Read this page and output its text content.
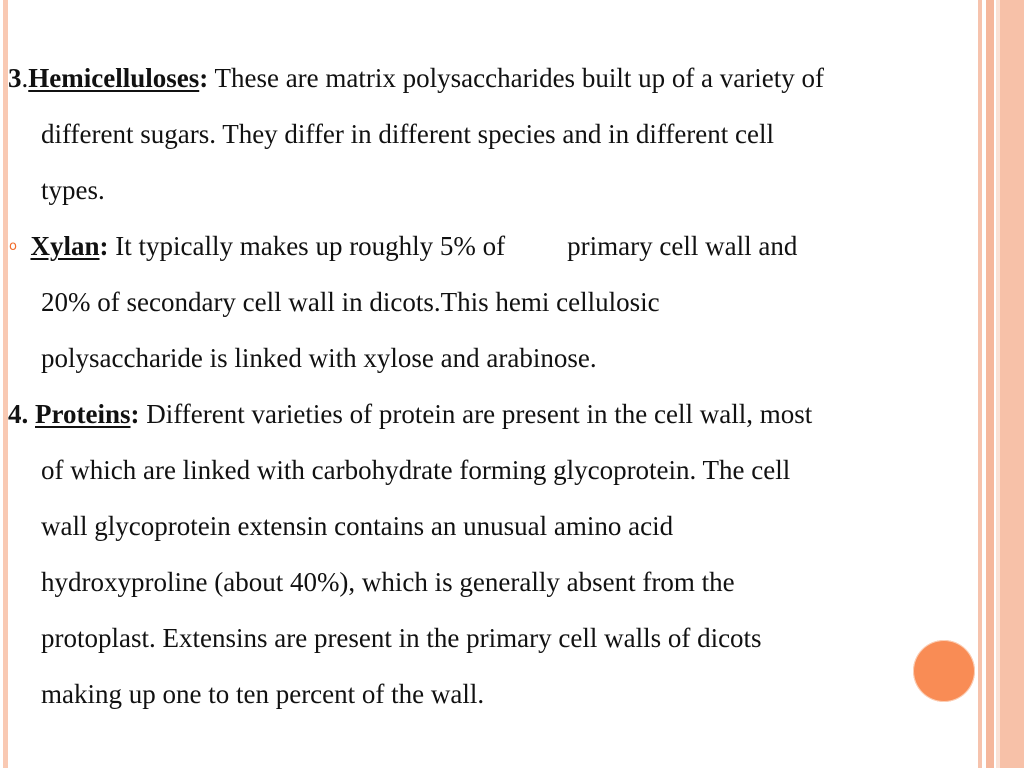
3.Hemicelluloses: These are matrix polysaccharides built up of a variety of
different sugars. They differ in different species and in different cell
types.
o Xylan: It typically makes up roughly 5% of primary cell wall and
20% of secondary cell wall in dicots.This hemi cellulosic
polysaccharide is linked with xylose and arabinose.
4. Proteins: Different varieties of protein are present in the cell wall, most
of which are linked with carbohydrate forming glycoprotein. The cell
wall glycoprotein extensin contains an unusual amino acid
hydroxyproline (about 40%), which is generally absent from the
protoplast. Extensins are present in the primary cell walls of dicots
making up one to ten percent of the wall.
